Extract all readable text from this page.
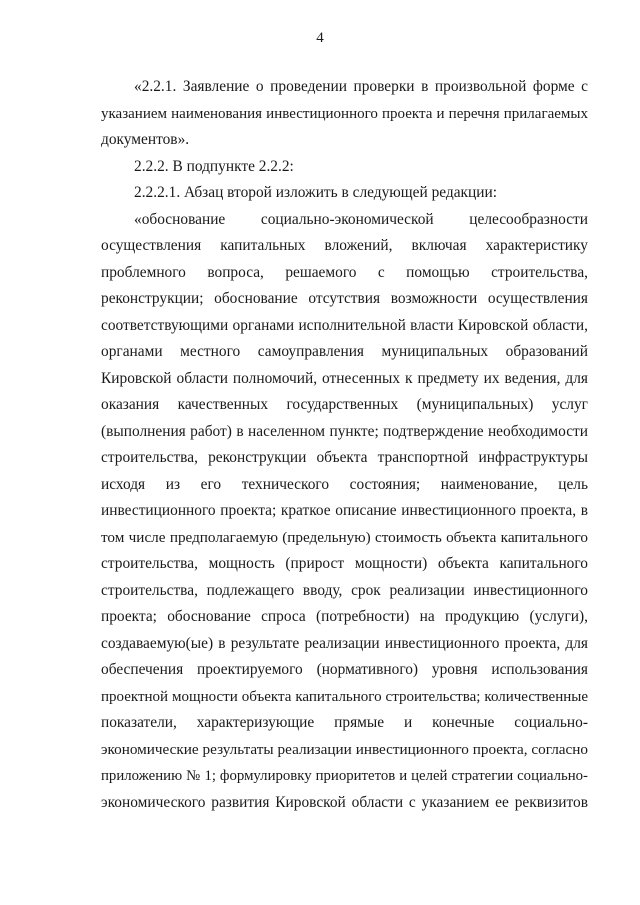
4
«2.2.1. Заявление о проведении проверки в произвольной форме с
указанием наименования инвестиционного проекта и перечня прилагаемых
документов».
2.2.2. В подпункте 2.2.2:
2.2.2.1. Абзац второй изложить в следующей редакции:
«обоснование социально-экономической целесообразности
осуществления капитальных вложений, включая характеристику
проблемного вопроса, решаемого с помощью строительства,
реконструкции; обоснование отсутствия возможности осуществления
соответствующими органами исполнительной власти Кировской области,
органами местного самоуправления муниципальных образований
Кировской области полномочий, отнесенных к предмету их ведения, для
оказания качественных государственных (муниципальных) услуг
(выполнения работ) в населенном пункте; подтверждение необходимости
строительства, реконструкции объекта транспортной инфраструктуры
исходя из его технического состояния; наименование, цель
инвестиционного проекта; краткое описание инвестиционного проекта, в
том числе предполагаемую (предельную) стоимость объекта капитального
строительства, мощность (прирост мощности) объекта капитального
строительства, подлежащего вводу, срок реализации инвестиционного
проекта; обоснование спроса (потребности) на продукцию (услуги),
создаваемую(ые) в результате реализации инвестиционного проекта, для
обеспечения проектируемого (нормативного) уровня использования
проектной мощности объекта капитального строительства; количественные
показатели, характеризующие прямые и конечные социально-
экономические результаты реализации инвестиционного проекта, согласно
приложению № 1; формулировку приоритетов и целей стратегии социально-
экономического развития Кировской области с указанием ее реквизитов
